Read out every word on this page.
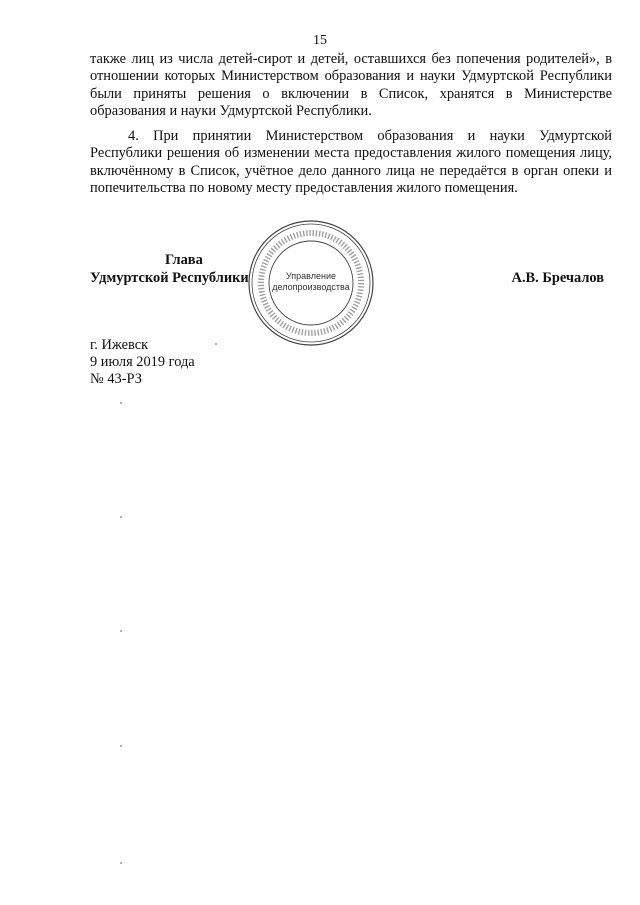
15

также лиц из числа детей-сирот и детей, оставшихся без попечения родителей», в отношении которых Министерством образования и науки Удмуртской Республики были приняты решения о включении в Список, хранятся в Министерстве образования и науки Удмуртской Республики.

4. При принятии Министерством образования и науки Удмуртской Республики решения об изменении места предоставления жилого помещения лицу, включённому в Список, учётное дело данного лица не передаётся в орган опеки и попечительства по новому месту предоставления жилого помещения.

Глава
Удмуртской Республики	А.В. Бречалов
Управление
делопроизводства
г. Ижевск
9 июля 2019 года
№ 43-РЗ
